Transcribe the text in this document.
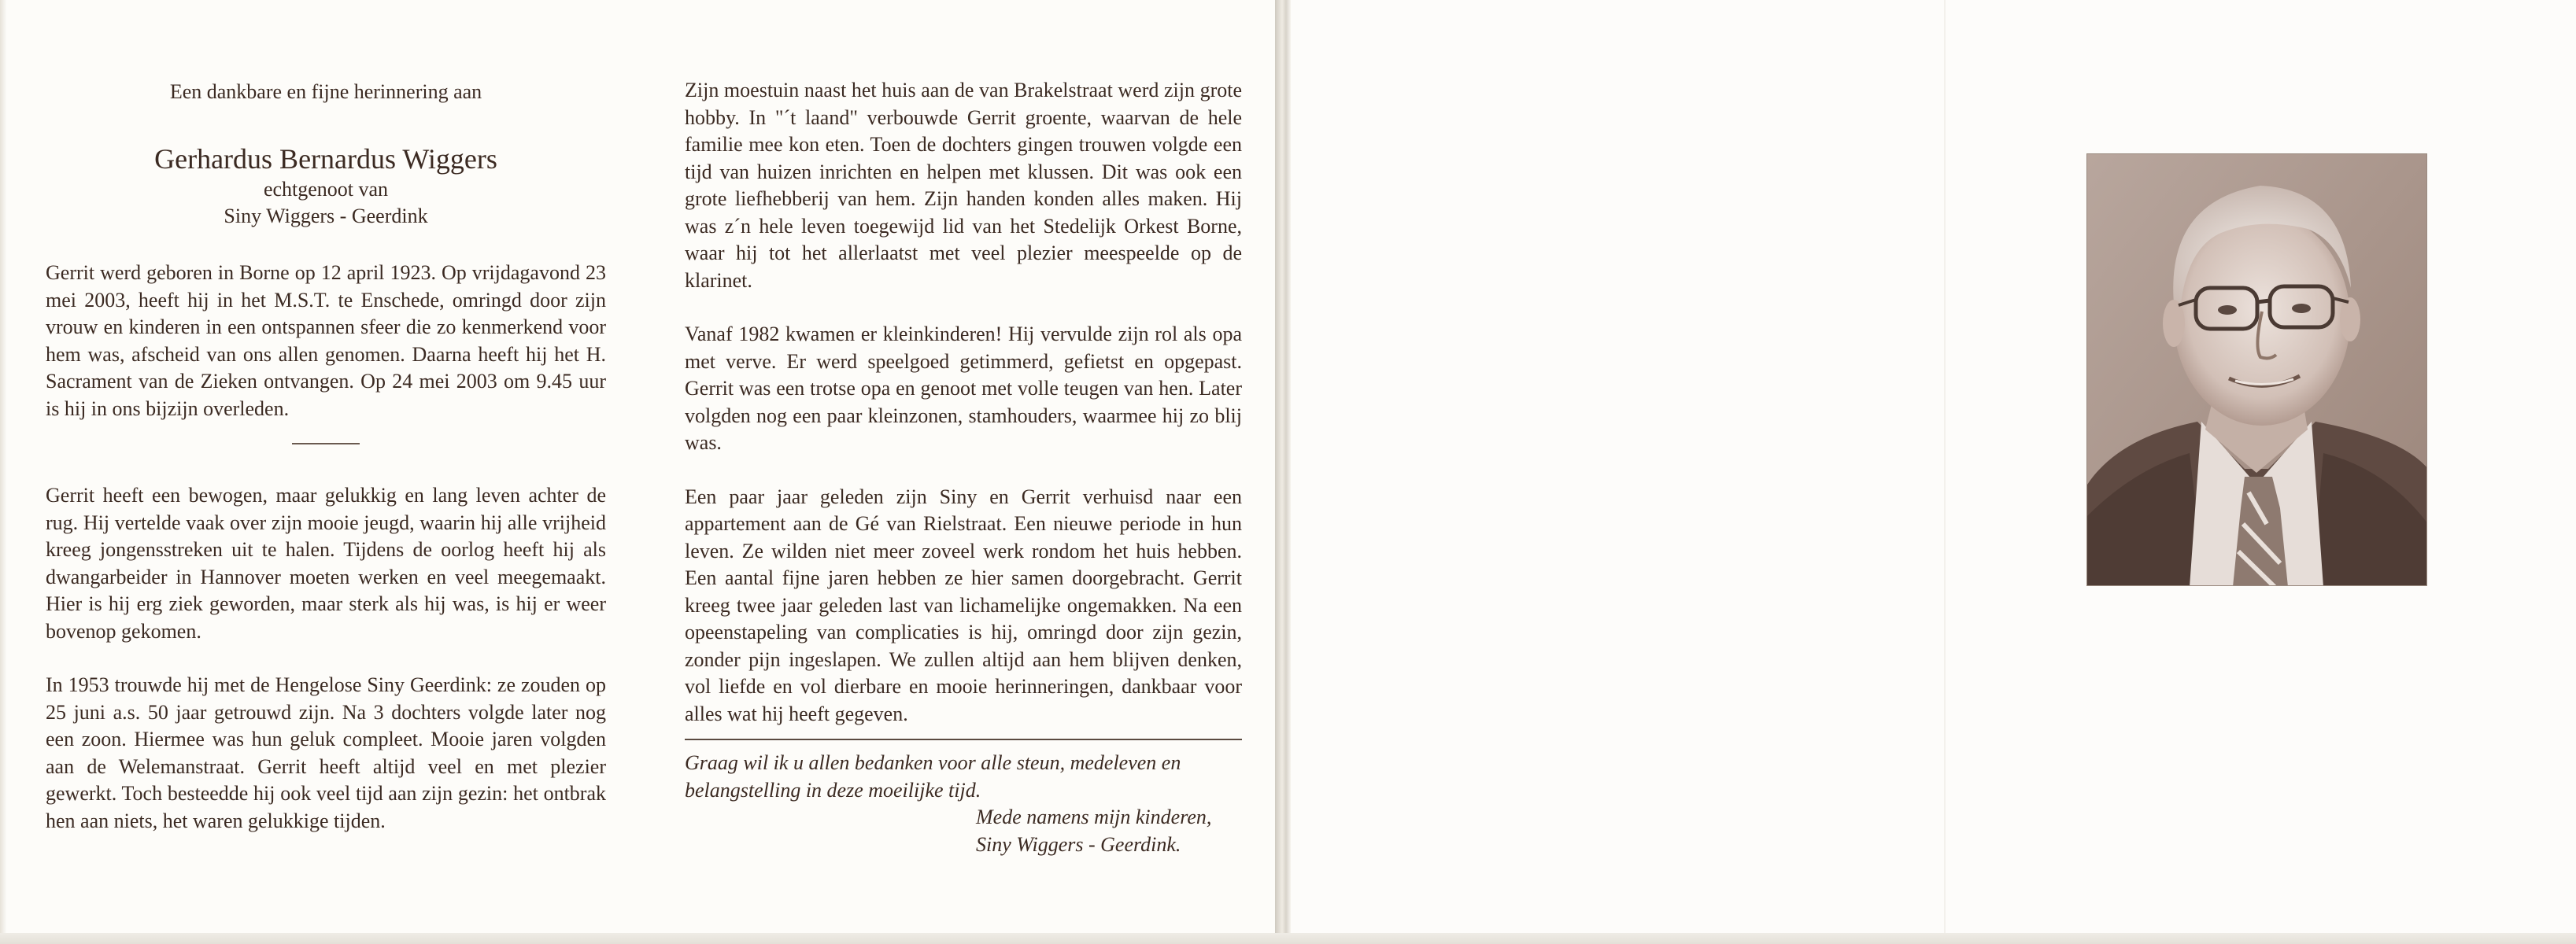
Een dankbare en fijne herinnering aan
Gerhardus Bernardus Wiggers
echtgenoot van
Siny Wiggers - Geerdink

Gerrit werd geboren in Borne op 12 april 1923. Op vrijdagavond 23 mei 2003, heeft hij in het M.S.T. te Enschede, omringd door zijn vrouw en kinderen in een ontspannen sfeer die zo kenmerkend voor hem was, afscheid van ons allen genomen. Daarna heeft hij het H. Sacrament van de Zieken ontvangen. Op 24 mei 2003 om 9.45 uur is hij in ons bijzijn overleden.

Gerrit heeft een bewogen, maar gelukkig en lang leven achter de rug. Hij vertelde vaak over zijn mooie jeugd, waarin hij alle vrijheid kreeg jongensstreken uit te halen. Tijdens de oorlog heeft hij als dwangarbeider in Hannover moeten werken en veel meegemaakt. Hier is hij erg ziek geworden, maar sterk als hij was, is hij er weer bovenop gekomen.

In 1953 trouwde hij met de Hengelose Siny Geerdink: ze zouden op 25 juni a.s. 50 jaar getrouwd zijn. Na 3 dochters volgde later nog een zoon. Hiermee was hun geluk compleet. Mooie jaren volgden aan de Welemanstraat. Gerrit heeft altijd veel en met plezier gewerkt. Toch besteedde hij ook veel tijd aan zijn gezin: het ontbrak hen aan niets, het waren gelukkige tijden.

Zijn moestuin naast het huis aan de van Brakelstraat werd zijn grote hobby. In "´t laand" verbouwde Gerrit groente, waarvan de hele familie mee kon eten. Toen de dochters gingen trouwen volgde een tijd van huizen inrichten en helpen met klussen. Dit was ook een grote liefhebberij van hem. Zijn handen konden alles maken. Hij was z´n hele leven toegewijd lid van het Stedelijk Orkest Borne, waar hij tot het allerlaatst met veel plezier meespeelde op de klarinet.

Vanaf 1982 kwamen er kleinkinderen! Hij vervulde zijn rol als opa met verve. Er werd speelgoed getimmerd, gefietst en opgepast. Gerrit was een trotse opa en genoot met volle teugen van hen. Later volgden nog een paar kleinzonen, stamhouders, waarmee hij zo blij was.

Een paar jaar geleden zijn Siny en Gerrit verhuisd naar een appartement aan de Gé van Rielstraat. Een nieuwe periode in hun leven. Ze wilden niet meer zoveel werk rondom het huis hebben. Een aantal fijne jaren hebben ze hier samen doorgebracht. Gerrit kreeg twee jaar geleden last van lichamelijke ongemakken. Na een opeenstapeling van complicaties is hij, omringd door zijn gezin, zonder pijn ingeslapen. We zullen altijd aan hem blijven denken, vol liefde en vol dierbare en mooie herinneringen, dankbaar voor alles wat hij heeft gegeven.

Graag wil ik u allen bedanken voor alle steun, medeleven en belangstelling in deze moeilijke tijd.

Mede namens mijn kinderen,
Siny Wiggers - Geerdink.
